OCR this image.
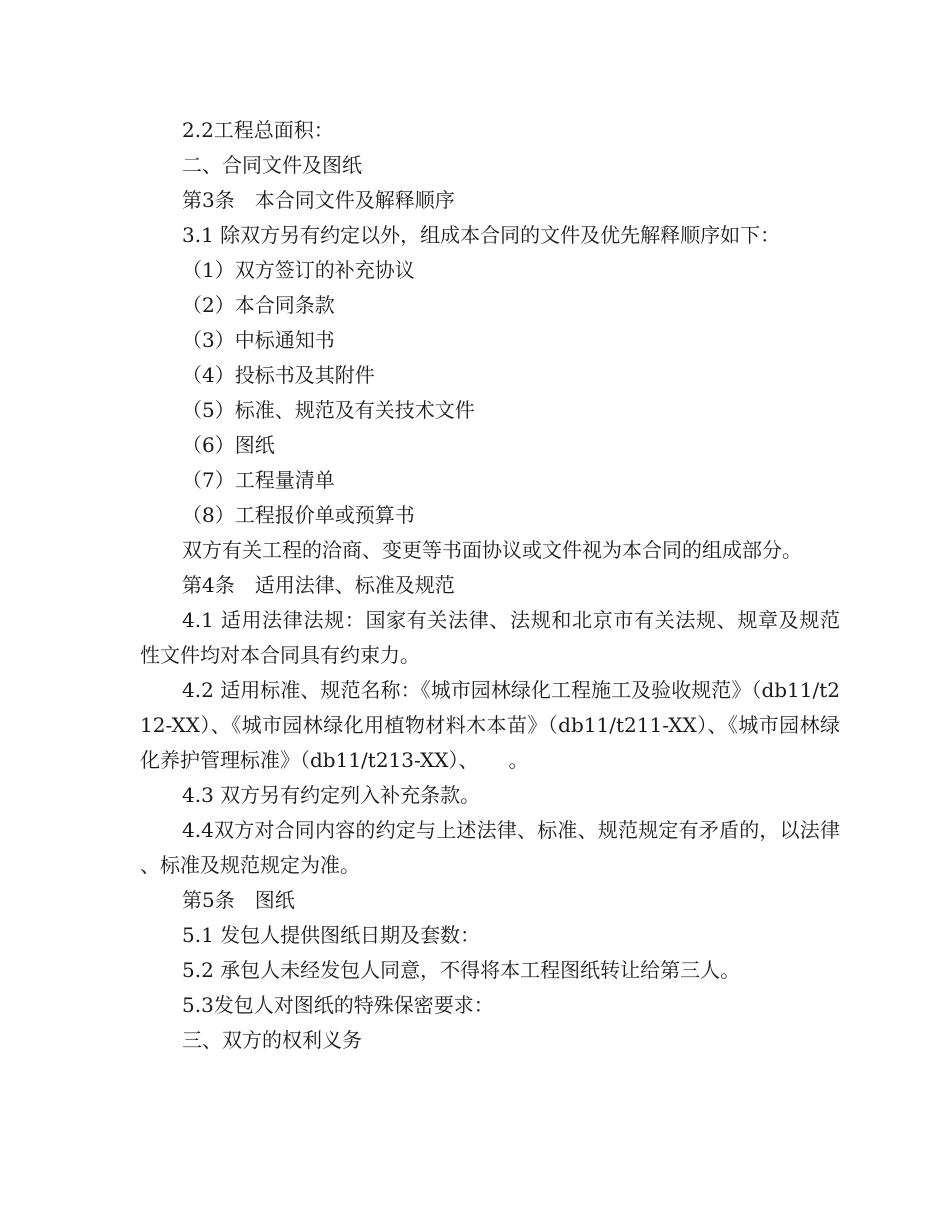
2.2工程总面积：
二、合同文件及图纸
第3条　本合同文件及解释顺序
3.1 除双方另有约定以外，组成本合同的文件及优先解释顺序如下：
（1）双方签订的补充协议
（2）本合同条款
（3）中标通知书
（4）投标书及其附件
（5）标准、规范及有关技术文件
（6）图纸
（7）工程量清单
（8）工程报价单或预算书
双方有关工程的洽商、变更等书面协议或文件视为本合同的组成部分。
第4条　适用法律、标准及规范
4.1 适用法律法规：国家有关法律、法规和北京市有关法规、规章及规范性文件均对本合同具有约束力。
4.2 适用标准、规范名称：《城市园林绿化工程施工及验收规范》（db11/t212-XX）、《城市园林绿化用植物材料木本苗》（db11/t211-XX）、《城市园林绿化养护管理标准》（db11/t213-XX）、　　。
4.3 双方另有约定列入补充条款。
4.4双方对合同内容的约定与上述法律、标准、规范规定有矛盾的，以法律、标准及规范规定为准。
第5条　图纸
5.1 发包人提供图纸日期及套数：
5.2 承包人未经发包人同意，不得将本工程图纸转让给第三人。
5.3发包人对图纸的特殊保密要求：
三、双方的权利义务
